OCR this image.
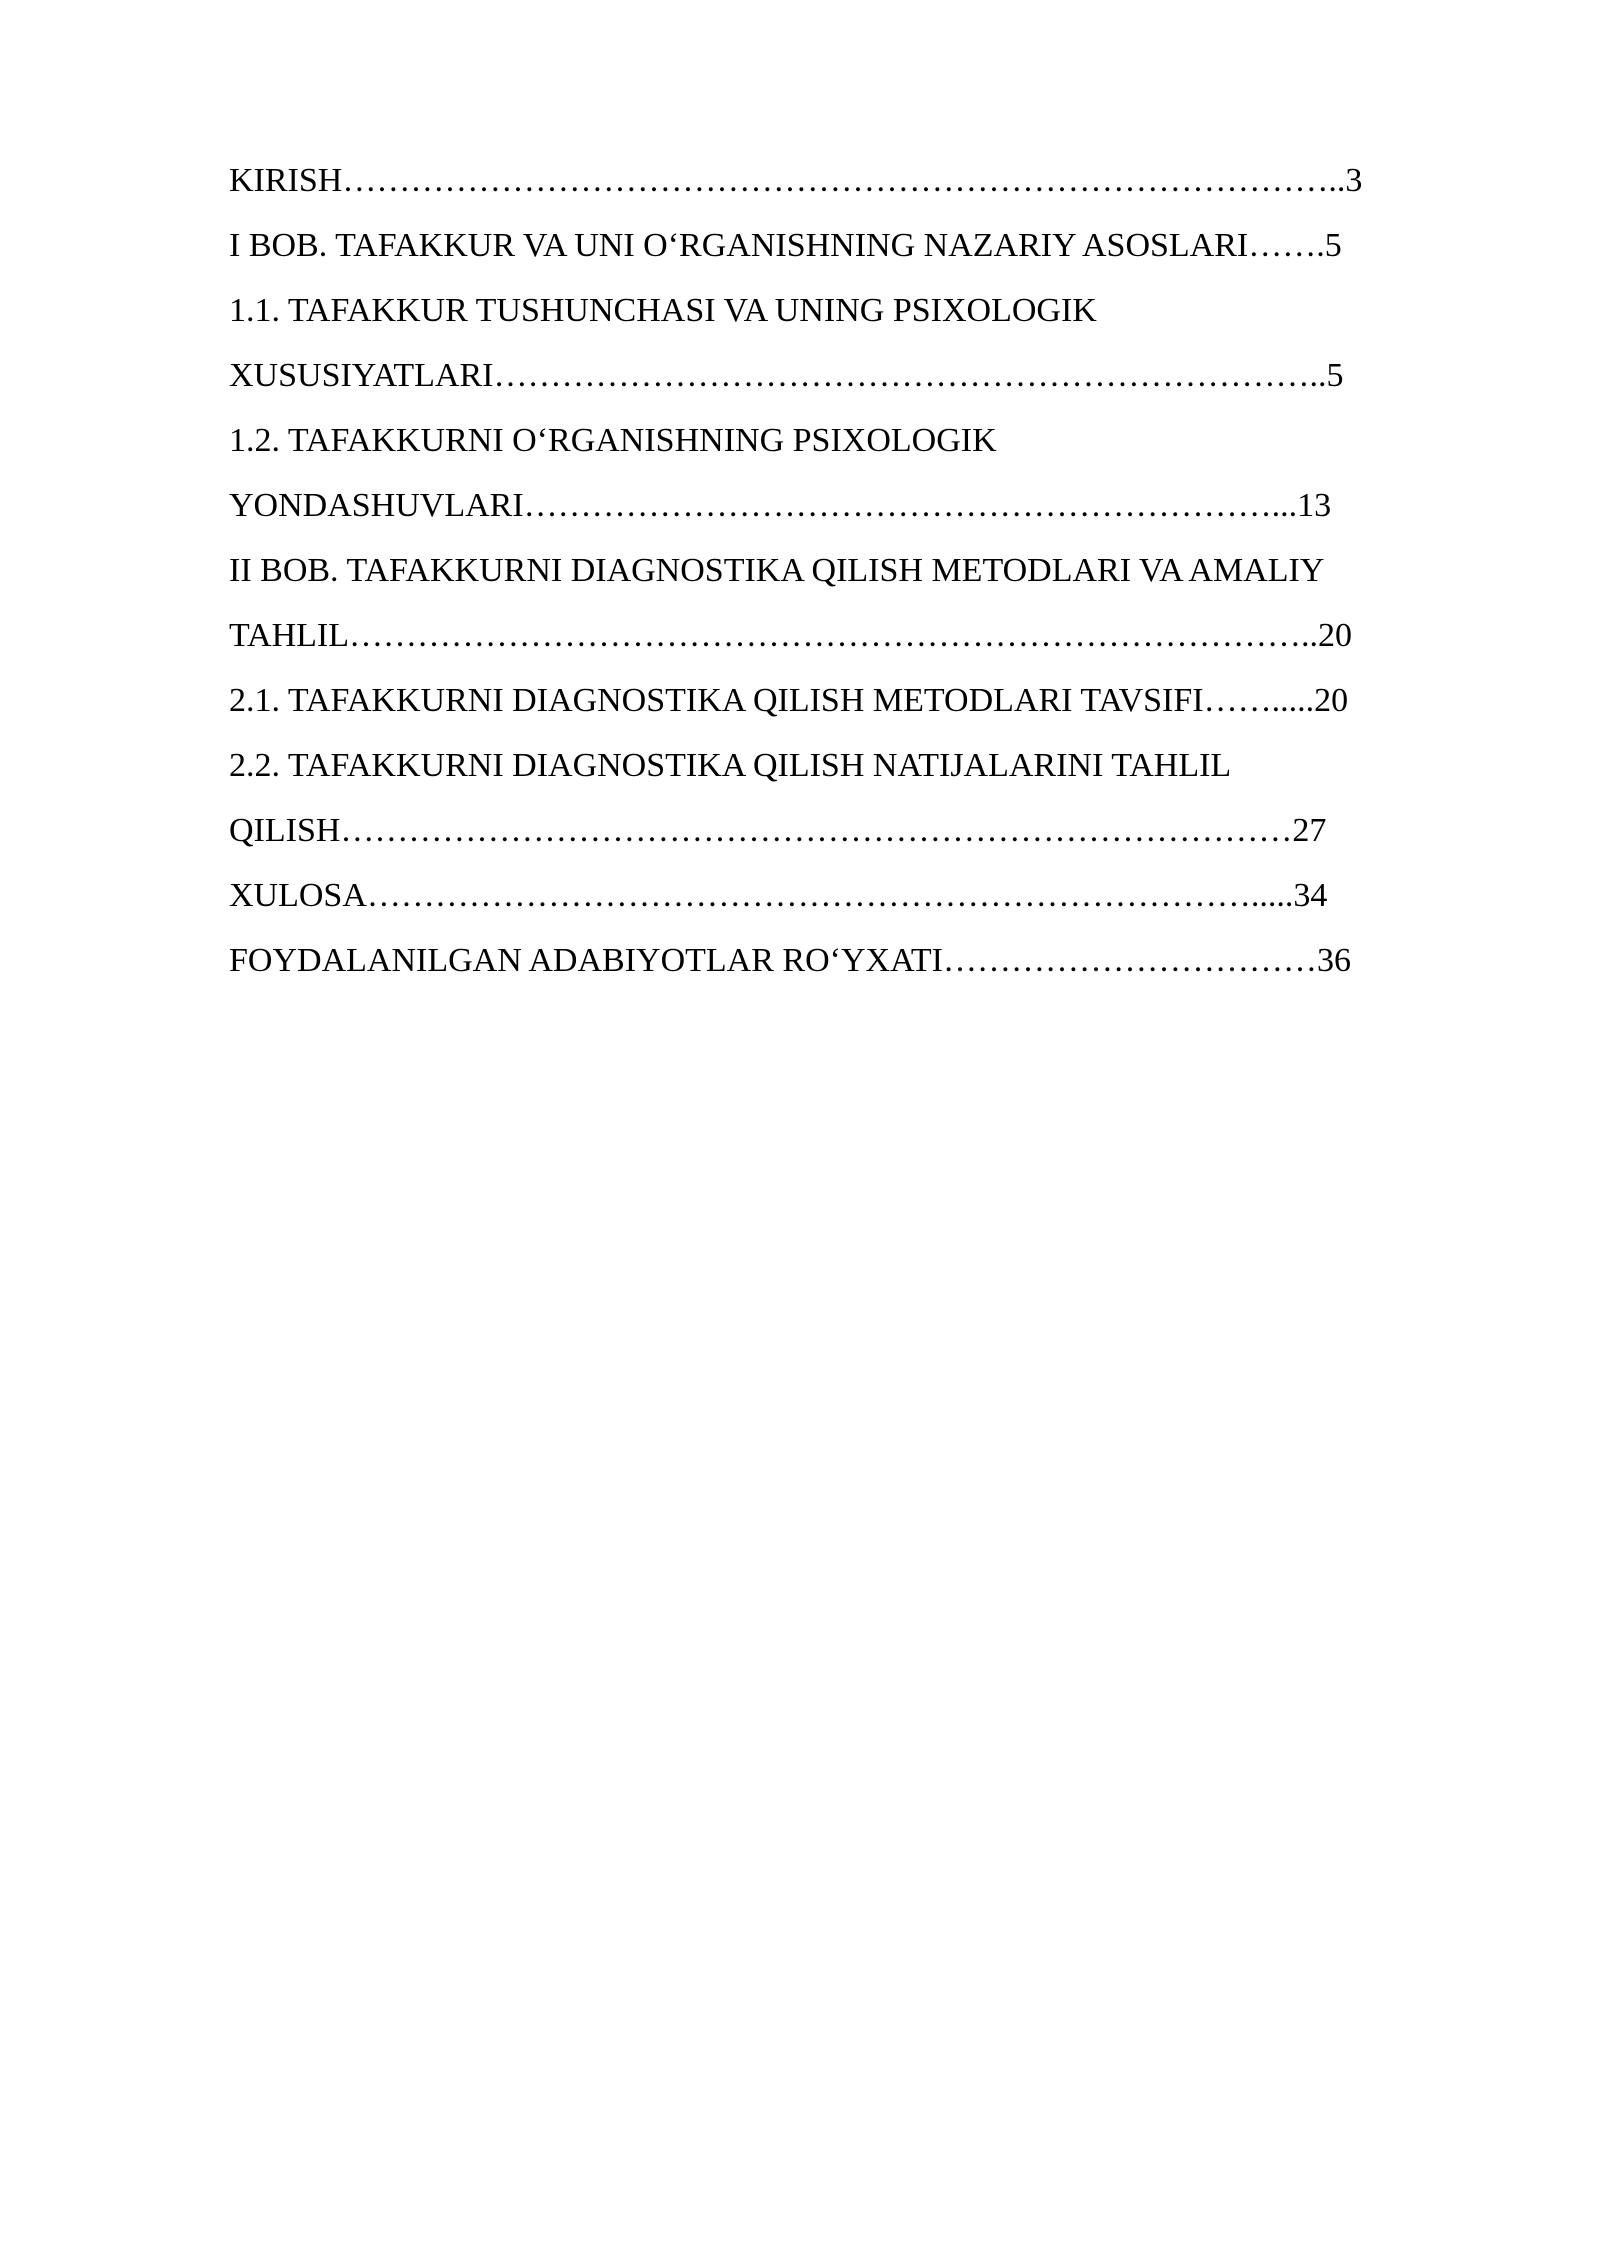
KIRISH……………………………………………………………………………..3
I BOB. TAFAKKUR VA UNI O‘RGANISHNING NAZARIY ASOSLARI…….5
1.1. TAFAKKUR TUSHUNCHASI VA UNING PSIXOLOGIK
XUSUSIYATLARI………………………………………………………………..5
1.2. TAFAKKURNI O‘RGANISHNING PSIXOLOGIK
YONDASHUVLARI…………………………………………………………...13
II BOB. TAFAKKURNI DIAGNOSTIKA QILISH METODLARI VA AMALIY
TAHLIL…………………………………………………………………………..20
2.1. TAFAKKURNI DIAGNOSTIKA QILISH METODLARI TAVSIFI…….....20
2.2. TAFAKKURNI DIAGNOSTIKA QILISH NATIJALARINI TAHLIL
QILISH…………………………………………………………………………27
XULOSA…………………………………………………………………….....34
FOYDALANILGAN ADABIYOTLAR RO‘YXATI……………………………36
